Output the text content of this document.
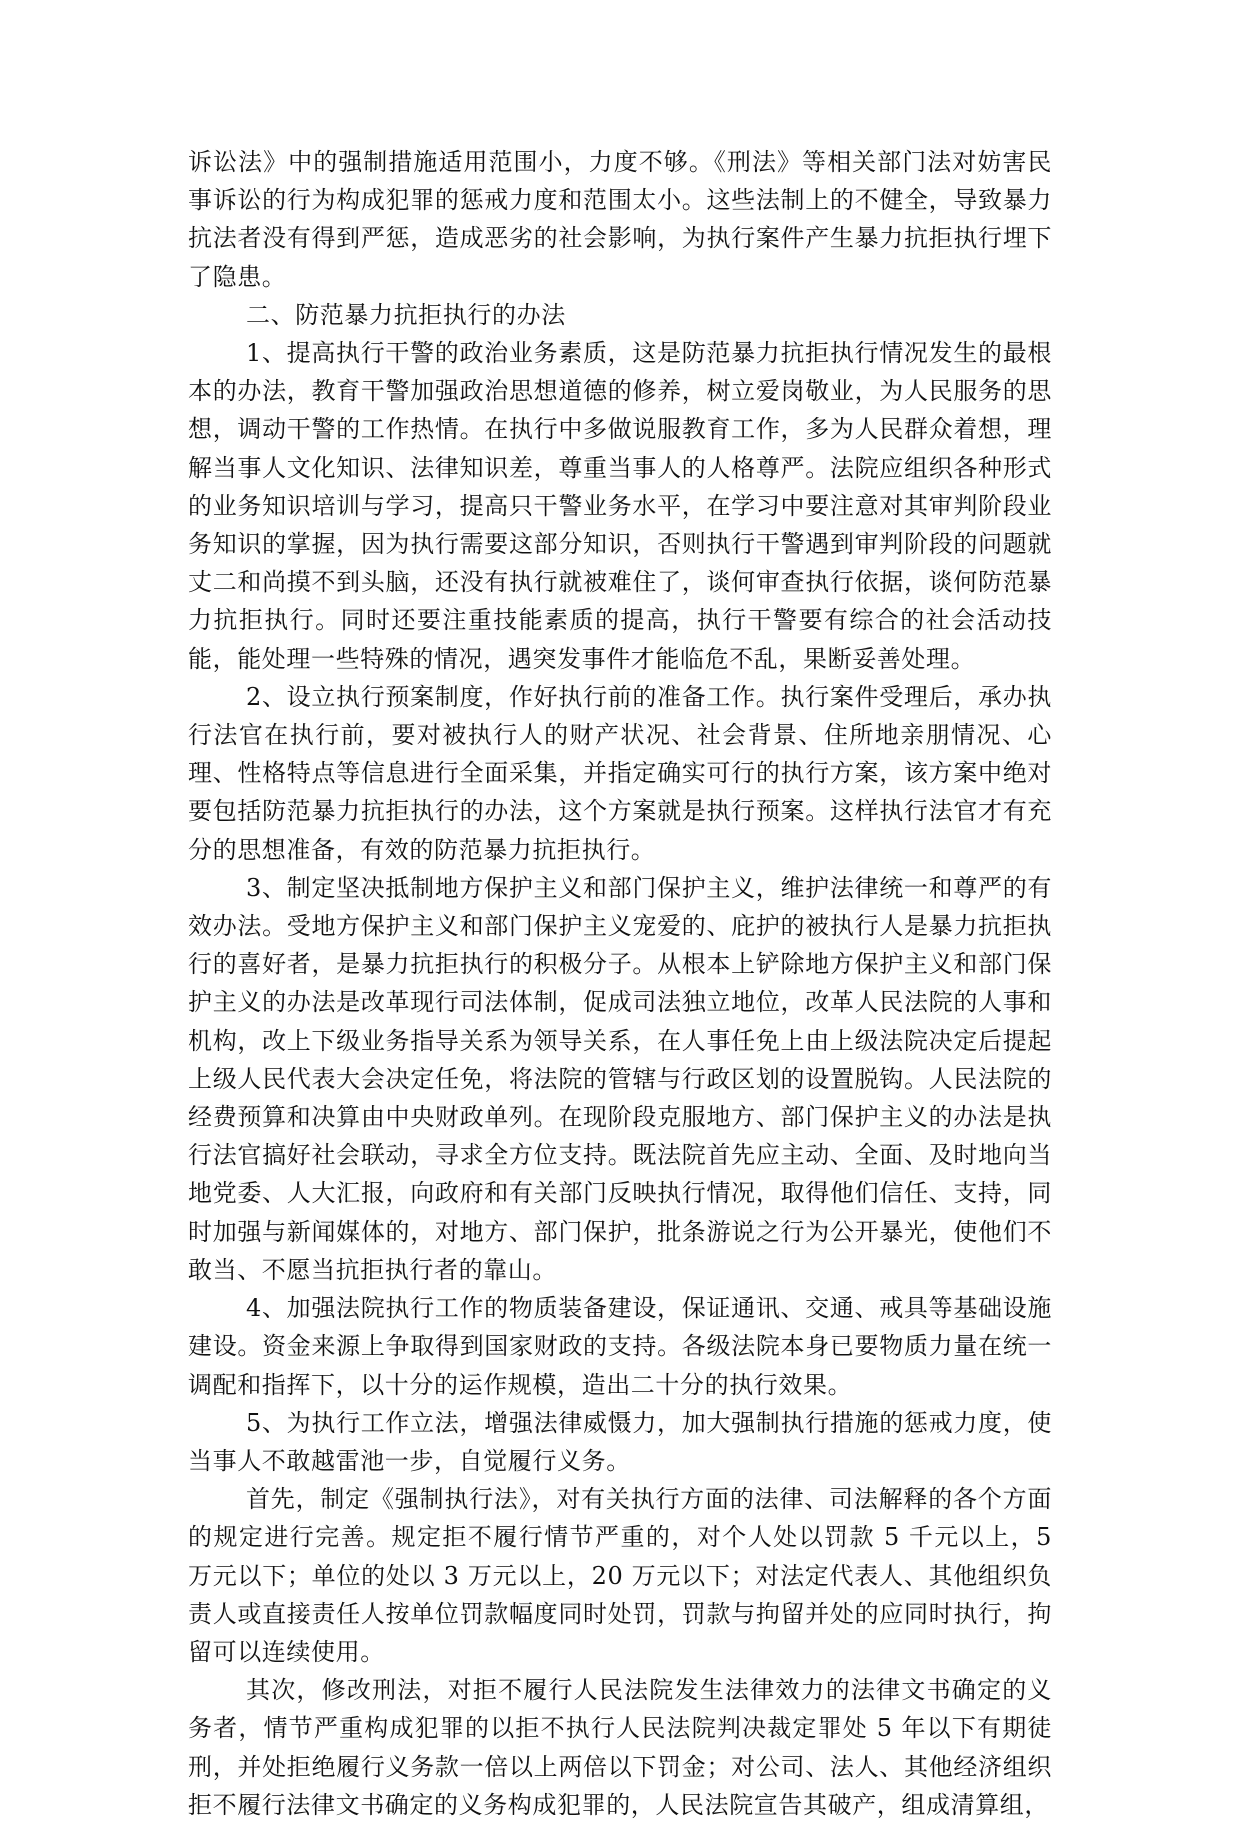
诉讼法》中的强制措施适用范围小，力度不够。《刑法》等相关部门法对妨害民事诉讼的行为构成犯罪的惩戒力度和范围太小。这些法制上的不健全，导致暴力抗法者没有得到严惩，造成恶劣的社会影响，为执行案件产生暴力抗拒执行埋下了隐患。

二、防范暴力抗拒执行的办法

1、提高执行干警的政治业务素质，这是防范暴力抗拒执行情况发生的最根本的办法，教育干警加强政治思想道德的修养，树立爱岗敬业，为人民服务的思想，调动干警的工作热情。在执行中多做说服教育工作，多为人民群众着想，理解当事人文化知识、法律知识差，尊重当事人的人格尊严。法院应组织各种形式的业务知识培训与学习，提高只干警业务水平，在学习中要注意对其审判阶段业务知识的掌握，因为执行需要这部分知识，否则执行干警遇到审判阶段的问题就丈二和尚摸不到头脑，还没有执行就被难住了，谈何审查执行依据，谈何防范暴力抗拒执行。同时还要注重技能素质的提高，执行干警要有综合的社会活动技能，能处理一些特殊的情况，遇突发事件才能临危不乱，果断妥善处理。

2、设立执行预案制度，作好执行前的准备工作。执行案件受理后，承办执行法官在执行前，要对被执行人的财产状况、社会背景、住所地亲朋情况、心理、性格特点等信息进行全面采集，并指定确实可行的执行方案，该方案中绝对要包括防范暴力抗拒执行的办法，这个方案就是执行预案。这样执行法官才有充分的思想准备，有效的防范暴力抗拒执行。

3、制定坚决抵制地方保护主义和部门保护主义，维护法律统一和尊严的有效办法。受地方保护主义和部门保护主义宠爱的、庇护的被执行人是暴力抗拒执行的喜好者，是暴力抗拒执行的积极分子。从根本上铲除地方保护主义和部门保护主义的办法是改革现行司法体制，促成司法独立地位，改革人民法院的人事和机构，改上下级业务指导关系为领导关系，在人事任免上由上级法院决定后提起上级人民代表大会决定任免，将法院的管辖与行政区划的设置脱钩。人民法院的经费预算和决算由中央财政单列。在现阶段克服地方、部门保护主义的办法是执行法官搞好社会联动，寻求全方位支持。既法院首先应主动、全面、及时地向当地党委、人大汇报，向政府和有关部门反映执行情况，取得他们信任、支持，同时加强与新闻媒体的，对地方、部门保护，批条游说之行为公开暴光，使他们不敢当、不愿当抗拒执行者的靠山。

4、加强法院执行工作的物质装备建设，保证通讯、交通、戒具等基础设施建设。资金来源上争取得到国家财政的支持。各级法院本身已要物质力量在统一调配和指挥下，以十分的运作规模，造出二十分的执行效果。

5、为执行工作立法，增强法律威慑力，加大强制执行措施的惩戒力度，使当事人不敢越雷池一步，自觉履行义务。

首先，制定《强制执行法》，对有关执行方面的法律、司法解释的各个方面的规定进行完善。规定拒不履行情节严重的，对个人处以罚款 5 千元以上，5 万元以下；单位的处以 3 万元以上，20 万元以下；对法定代表人、其他组织负责人或直接责任人按单位罚款幅度同时处罚，罚款与拘留并处的应同时执行，拘留可以连续使用。

其次，修改刑法，对拒不履行人民法院发生法律效力的法律文书确定的义务者，情节严重构成犯罪的以拒不执行人民法院判决裁定罪处 5 年以下有期徒刑，并处拒绝履行义务款一倍以上两倍以下罚金；对公司、法人、其他经济组织拒不履行法律文书确定的义务构成犯罪的，人民法院宣告其破产，组成清算组，
